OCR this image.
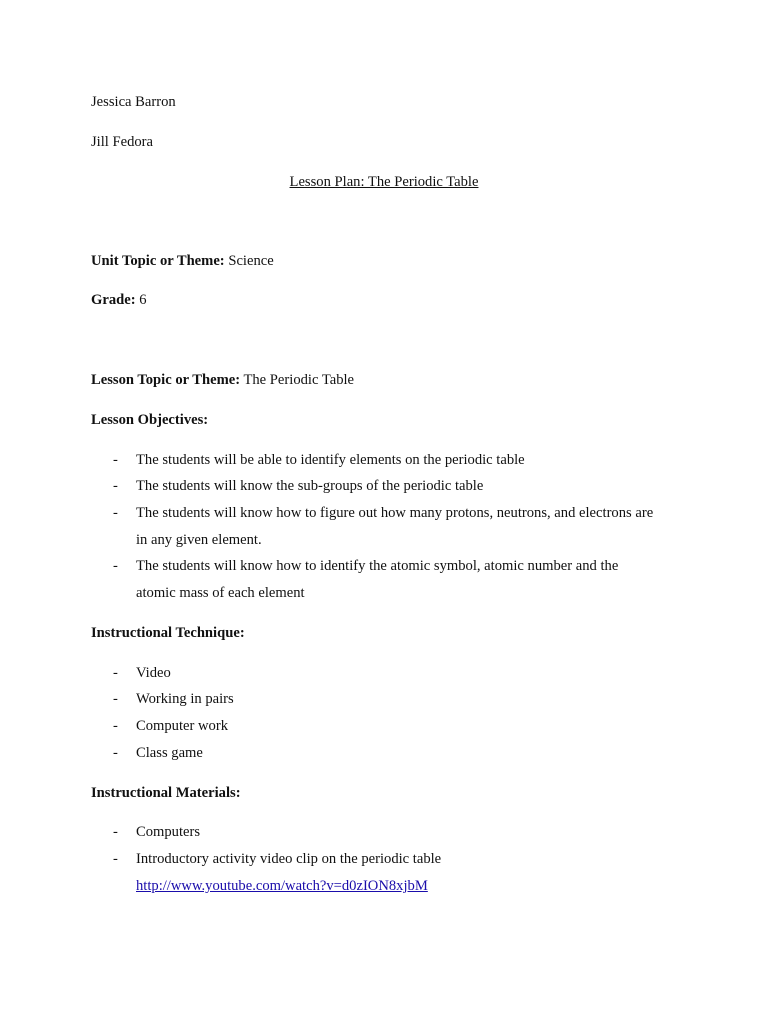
Jessica Barron
Jill Fedora
Lesson Plan: The Periodic Table
Unit Topic or Theme: Science
Grade: 6
Lesson Topic or Theme: The Periodic Table
Lesson Objectives:
- The students will be able to identify elements on the periodic table
- The students will know the sub-groups of the periodic table
- The students will know how to figure out how many protons, neutrons, and electrons are
in any given element.
- The students will know how to identify the atomic symbol, atomic number and the
atomic mass of each element
Instructional Technique:
- Video
- Working in pairs
- Computer work
- Class game
Instructional Materials:
- Computers
- Introductory activity video clip on the periodic table
http://www.youtube.com/watch?v=d0zION8xjbM
